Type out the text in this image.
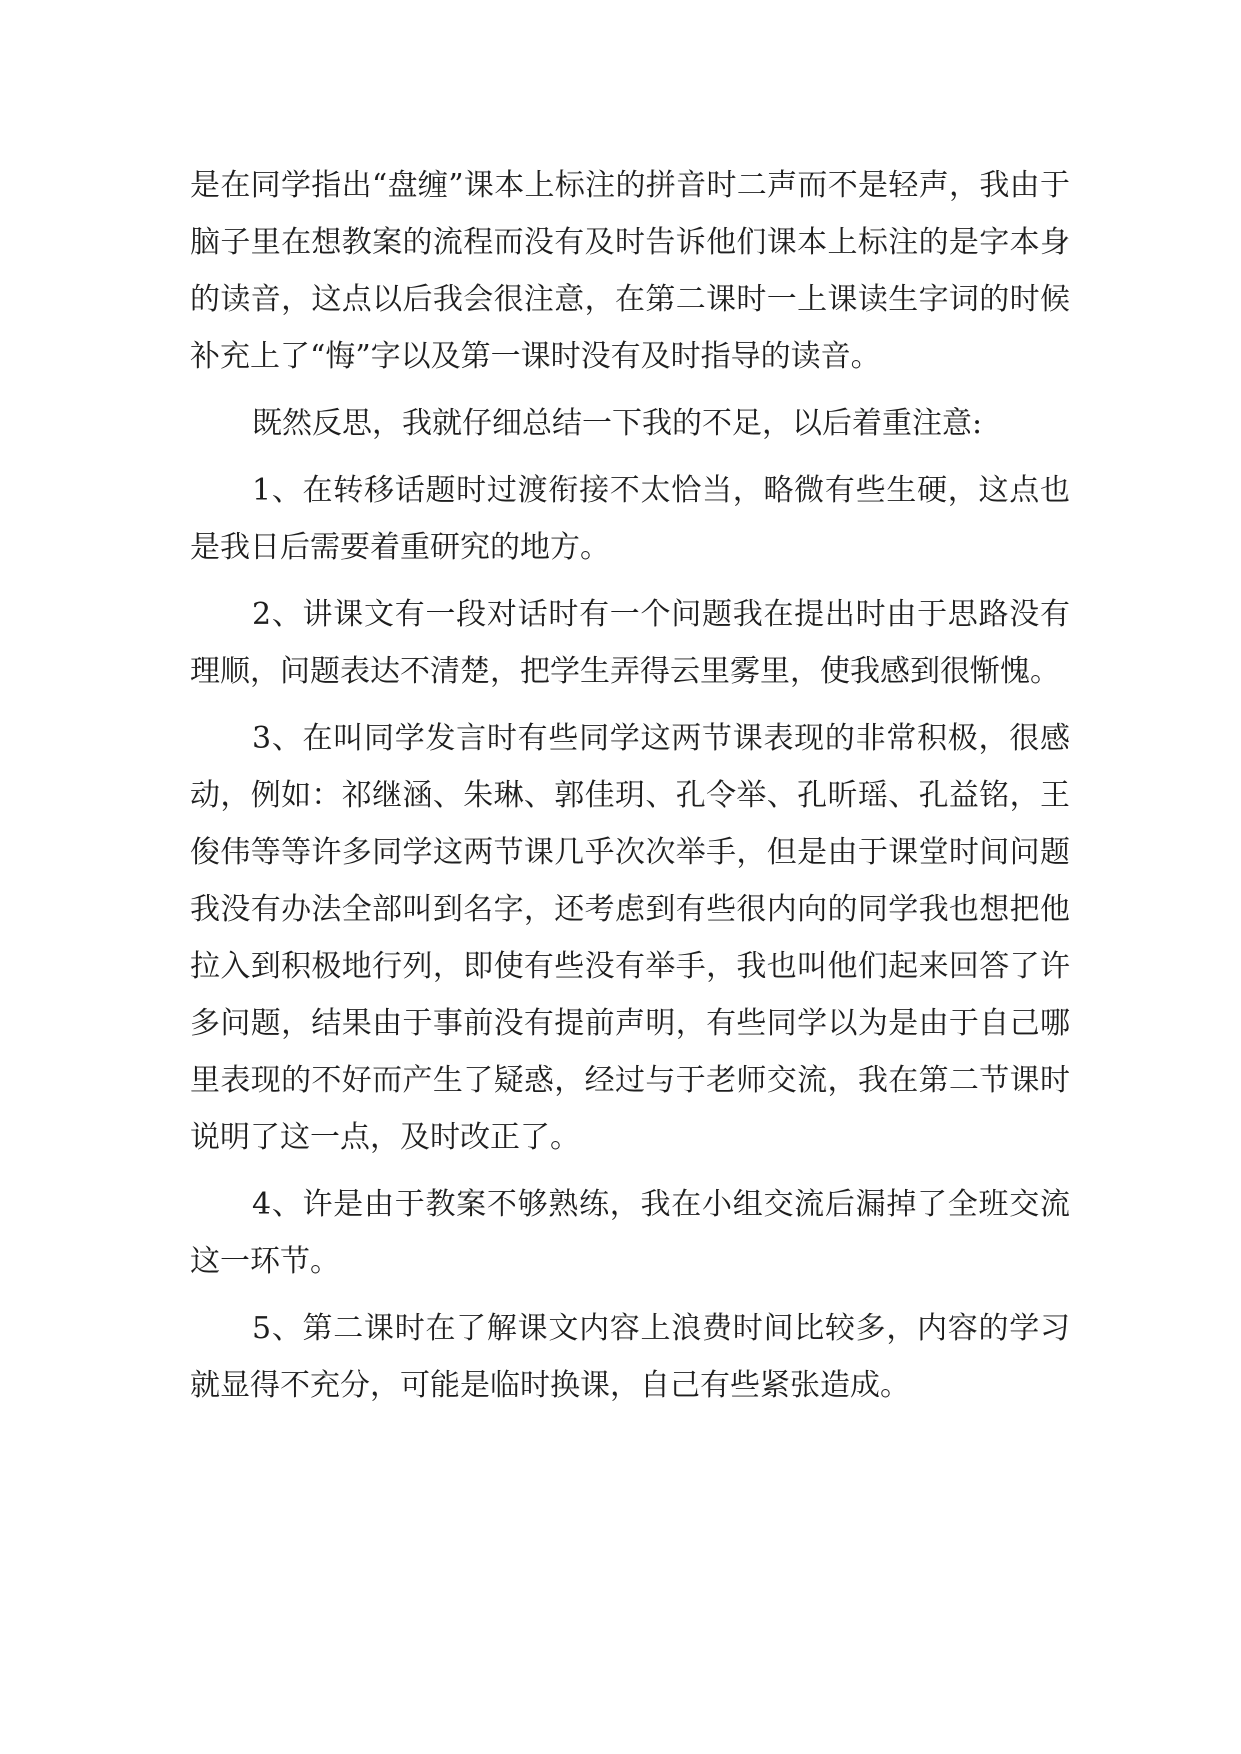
是在同学指出“盘缠”课本上标注的拼音时二声而不是轻声，我由于脑子里在想教案的流程而没有及时告诉他们课本上标注的是字本身的读音，这点以后我会很注意，在第二课时一上课读生字词的时候补充上了“悔”字以及第一课时没有及时指导的读音。

既然反思，我就仔细总结一下我的不足，以后着重注意:

1、在转移话题时过渡衔接不太恰当，略微有些生硬，这点也是我日后需要着重研究的地方。

2、讲课文有一段对话时有一个问题我在提出时由于思路没有理顺，问题表达不清楚，把学生弄得云里雾里，使我感到很惭愧。

3、在叫同学发言时有些同学这两节课表现的非常积极，很感动，例如：祁继涵、朱琳、郭佳玥、孔令举、孔昕瑶、孔益铭，王俊伟等等许多同学这两节课几乎次次举手，但是由于课堂时间问题我没有办法全部叫到名字，还考虑到有些很内向的同学我也想把他拉入到积极地行列，即使有些没有举手，我也叫他们起来回答了许多问题，结果由于事前没有提前声明，有些同学以为是由于自己哪里表现的不好而产生了疑惑，经过与于老师交流，我在第二节课时说明了这一点，及时改正了。

4、许是由于教案不够熟练，我在小组交流后漏掉了全班交流这一环节。

5、第二课时在了解课文内容上浪费时间比较多，内容的学习就显得不充分，可能是临时换课，自己有些紧张造成。
